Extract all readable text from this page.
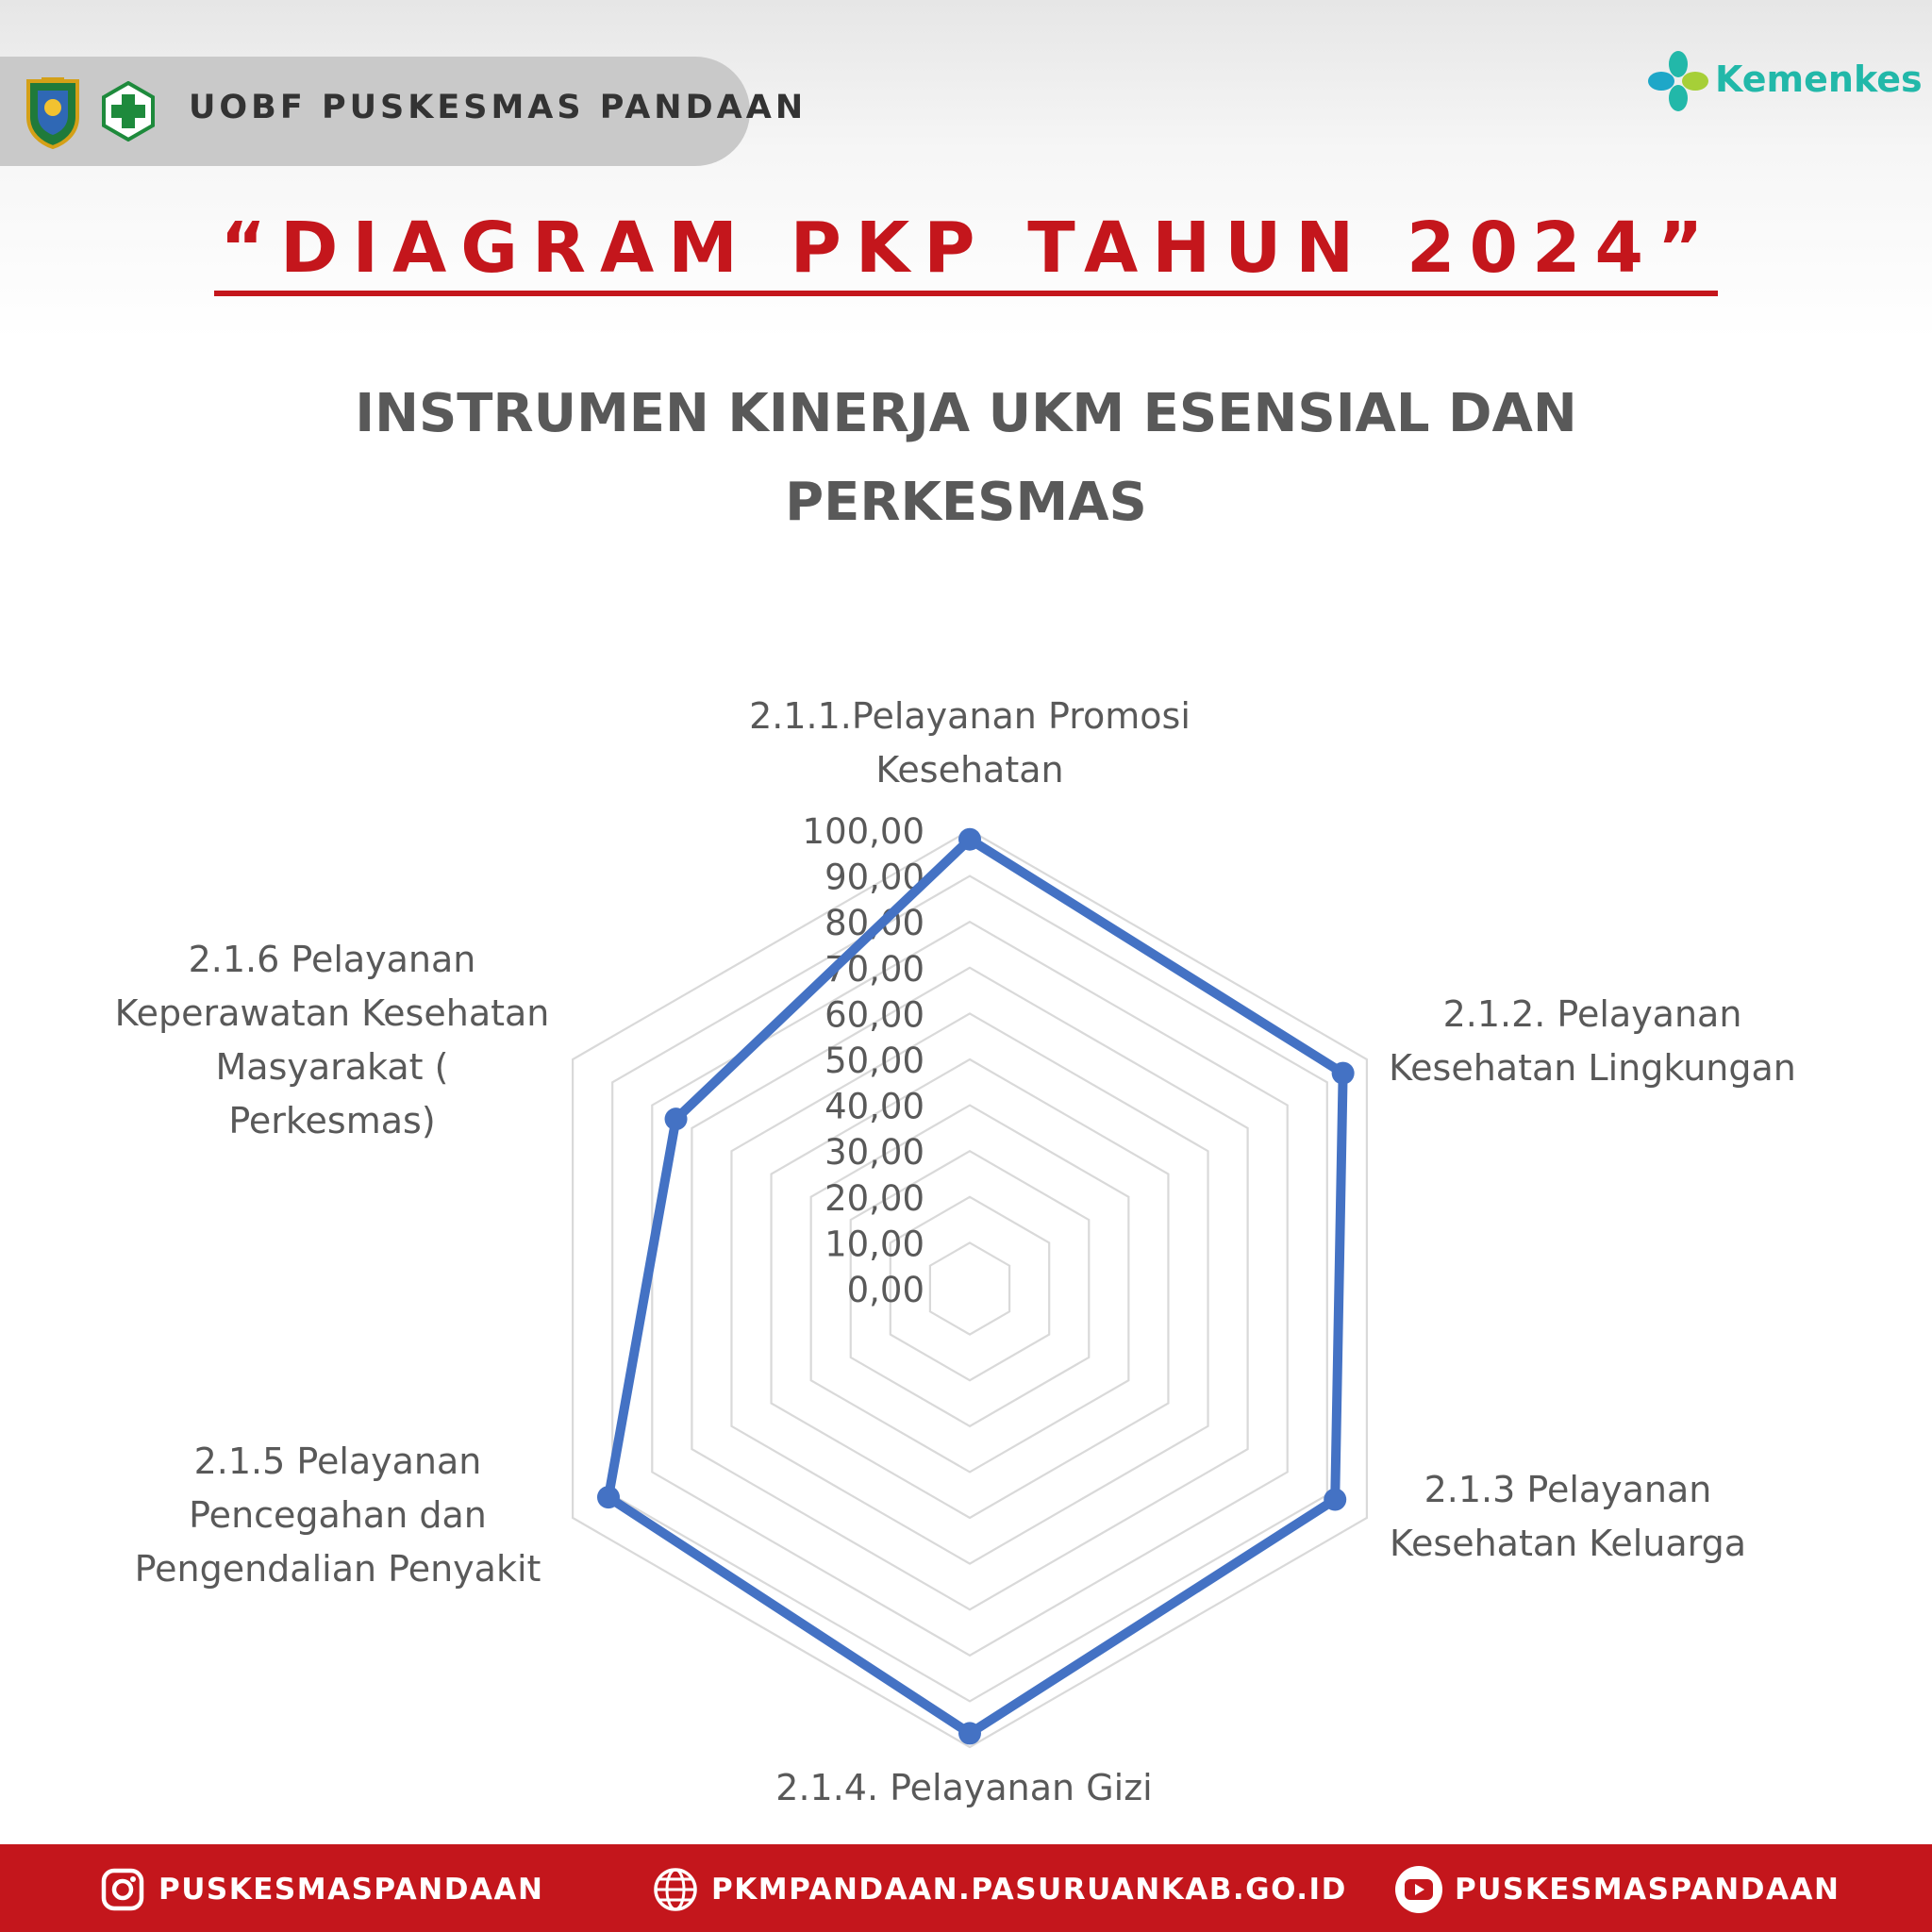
UOBF PUSKESMAS PANDAAN
Kemenkes
“DIAGRAM PKP TAHUN 2024”
INSTRUMEN KINERJA UKM ESENSIAL DAN
PERKESMAS
0,00
10,00
20,00
30,00
40,00
50,00
60,00
70,00
80,00
90,00
100,00
2.1.1.Pelayanan Promosi Kesehatan
2.1.2. Pelayanan Kesehatan Lingkungan
2.1.3 Pelayanan Kesehatan Keluarga
2.1.4. Pelayanan Gizi
2.1.5 Pelayanan Pencegahan dan Pengendalian Penyakit
2.1.6 Pelayanan Keperawatan Kesehatan Masyarakat ( Perkesmas)
PUSKESMASPANDAAN	PKMPANDAAN.PASURUANKAB.GO.ID	PUSKESMASPANDAAN
